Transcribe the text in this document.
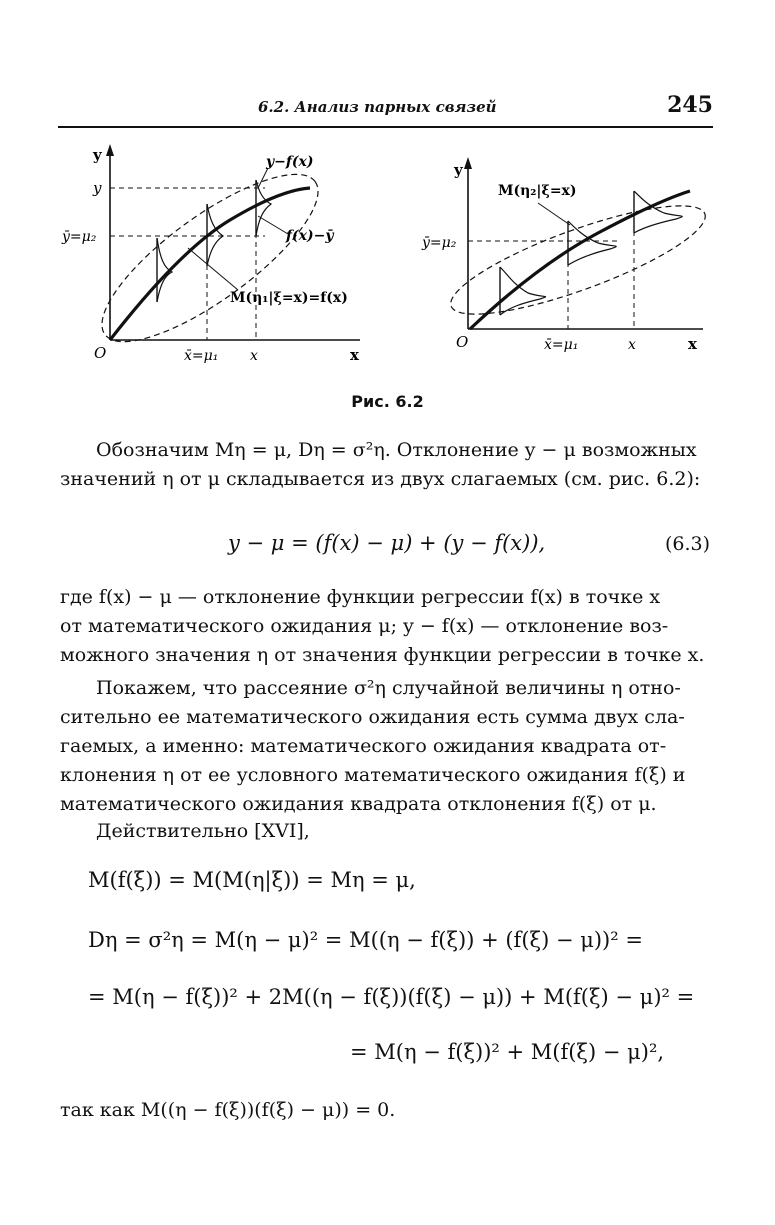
6.2. Анализ парных связей	245
y
y
ȳ=μ₂
O	x̄=μ₁ x	x
y−f(x)
f(x)−ȳ
M(η₁|ξ=x)=f(x)
y
ȳ=μ₂
O	x̄=μ₁	x	x
M(η₂|ξ=x)
Рис. 6.2
Обозначим Mη = μ, Dη = σ²η. Отклонение y − μ возможных
значений η от μ складывается из двух слагаемых (см. рис. 6.2):
y − μ = (f(x) − μ) + (y − f(x)),	(6.3)
где f(x) − μ — отклонение функции регрессии f(x) в точке x
от математического ожидания μ; y − f(x) — отклонение воз-
можного значения η от значения функции регрессии в точке x.
Покажем, что рассеяние σ²η случайной величины η отно-
сительно ее математического ожидания есть сумма двух сла-
гаемых, а именно: математического ожидания квадрата от-
клонения η от ее условного математического ожидания f(ξ) и
математического ожидания квадрата отклонения f(ξ) от μ.
Действительно [XVI],
M(f(ξ)) = M(M(η|ξ)) = Mη = μ,
Dη = σ²η = M(η − μ)² = M((η − f(ξ)) + (f(ξ) − μ))² =
= M(η − f(ξ))² + 2M((η − f(ξ))(f(ξ) − μ)) + M(f(ξ) − μ)² =
= M(η − f(ξ))² + M(f(ξ) − μ)²,
так как M((η − f(ξ))(f(ξ) − μ)) = 0.
